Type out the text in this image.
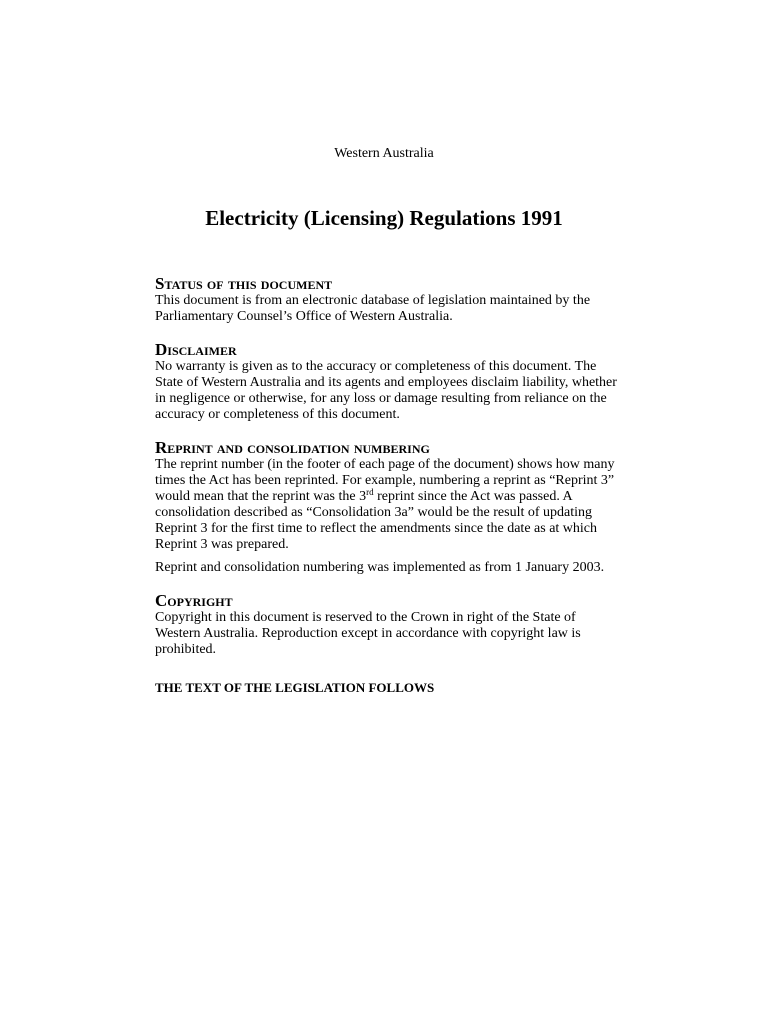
Western Australia
Electricity (Licensing) Regulations 1991
Status of this document
This document is from an electronic database of legislation maintained by the
Parliamentary Counsel’s Office of Western Australia.
Disclaimer
No warranty is given as to the accuracy or completeness of this document. The
State of Western Australia and its agents and employees disclaim liability, whether
in negligence or otherwise, for any loss or damage resulting from reliance on the
accuracy or completeness of this document.
Reprint and consolidation numbering
The reprint number (in the footer of each page of the document) shows how many
times the Act has been reprinted. For example, numbering a reprint as “Reprint 3”
would mean that the reprint was the 3rd reprint since the Act was passed. A
consolidation described as “Consolidation 3a” would be the result of updating
Reprint 3 for the first time to reflect the amendments since the date as at which
Reprint 3 was prepared.
Reprint and consolidation numbering was implemented as from 1 January 2003.
Copyright
Copyright in this document is reserved to the Crown in right of the State of
Western Australia. Reproduction except in accordance with copyright law is
prohibited.
THE TEXT OF THE LEGISLATION FOLLOWS
